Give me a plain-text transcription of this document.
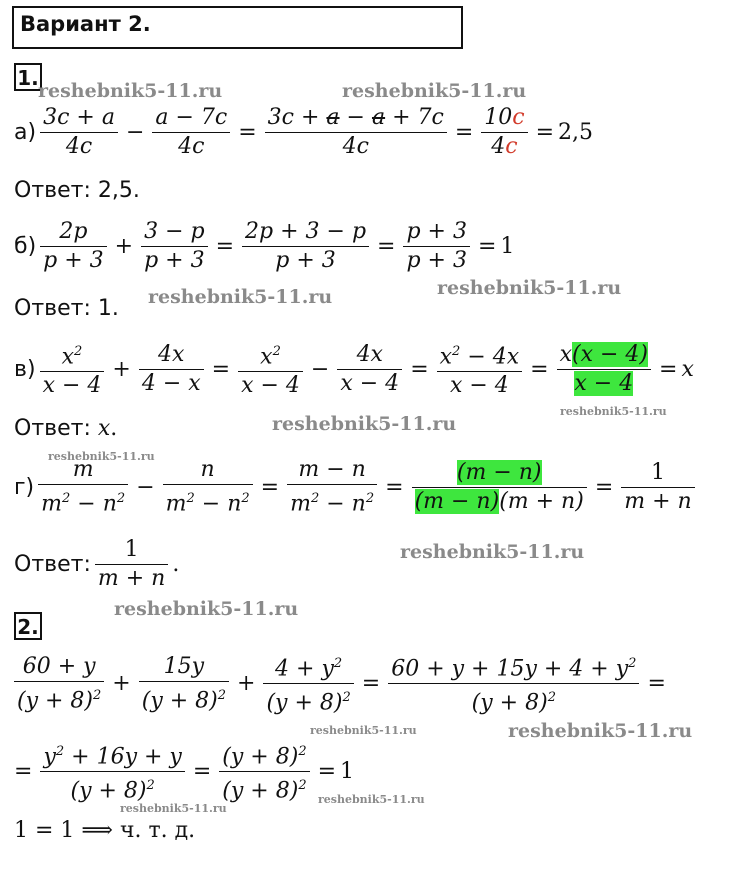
Вариант 2.
1.
reshebnik5-11.ru	reshebnik5-11.ru
reshebnik5-11.ru	reshebnik5-11.ru
reshebnik5-11.ru
reshebnik5-11.ru
reshebnik5-11.ru
reshebnik5-11.ru
reshebnik5-11.ru
reshebnik5-11.ru	reshebnik5-11.ru
reshebnik5-11.ru
reshebnik5-11.ru
$а) \frac{3c + a}{4c} - \frac{a - 7c}{4c} = \frac{3c + a - a + 7c}{4c} = \frac{10c}{4c} = 2,5$
Ответ: 2,5.
$б) \frac{2p}{p + 3} + \frac{3 - p}{p + 3} = \frac{2p + 3 - p}{p + 3} = \frac{p + 3}{p + 3} = 1$
Ответ: 1.
$в) \frac{x^2}{x - 4} + \frac{4x}{4 - x} = \frac{x^2}{x - 4} - \frac{4x}{x - 4} = \frac{x^2 - 4x}{x - 4} = \frac{x(x - 4)}{x - 4} = x$
Ответ: x.
$г) \frac{m}{m^2 - n^2} - \frac{n}{m^2 - n^2} = \frac{m - n}{m^2 - n^2} = \frac{(m - n)}{(m - n)(m + n)} = \frac{1}{m + n}$
Ответ: $\frac{1}{m + n}$ .
2.
$\frac{60 + y}{(y + 8)^2} + \frac{15y}{(y + 8)^2} + \frac{4 + y^2}{(y + 8)^2} = \frac{60 + y + 15y + 4 + y^2}{(y + 8)^2}$ =
= $\frac{y^2 + 16y + y}{(y + 8)^2} = \frac{(y + 8)^2}{(y + 8)^2} = 1$
1 = 1 ⟹ ч. т. д.
